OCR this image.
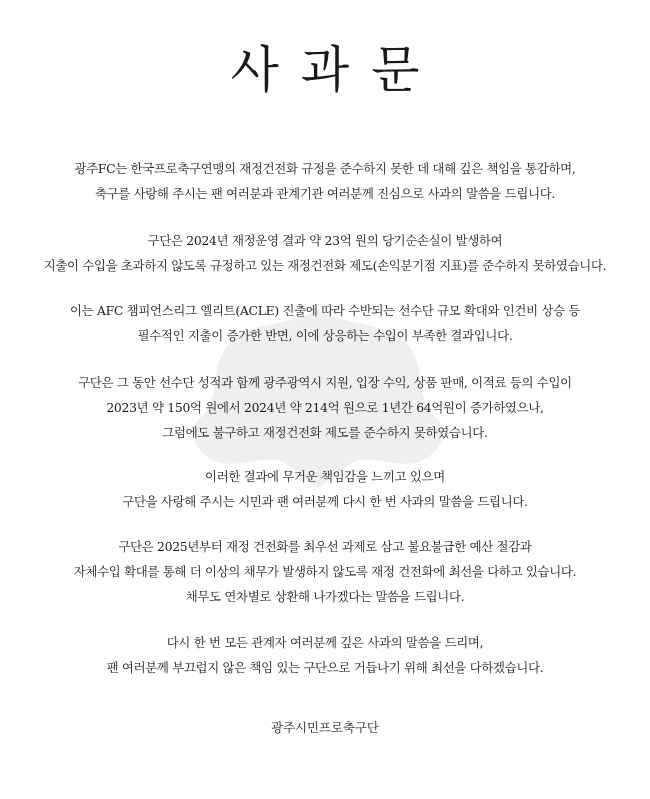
사과문
광주FC는 한국프로축구연맹의 재정건전화 규정을 준수하지 못한 데 대해 깊은 책임을 통감하며,
축구를 사랑해 주시는 팬 여러분과 관계기관 여러분께 진심으로 사과의 말씀을 드립니다.
구단은 2024년 재정운영 결과 약 23억 원의 당기순손실이 발생하여
지출이 수입을 초과하지 않도록 규정하고 있는 재정건전화 제도(손익분기점 지표)를 준수하지 못하였습니다.
이는 AFC 챔피언스리그 엘리트(ACLE) 진출에 따라 수반되는 선수단 규모 확대와 인건비 상승 등
필수적인 지출이 증가한 반면, 이에 상응하는 수입이 부족한 결과입니다.
구단은 그 동안 선수단 성적과 함께 광주광역시 지원, 입장 수익, 상품 판매, 이적료 등의 수입이
2023년 약 150억 원에서 2024년 약 214억 원으로 1년간 64억원이 증가하였으나,
그럼에도 불구하고 재정건전화 제도를 준수하지 못하였습니다.
이러한 결과에 무거운 책임감을 느끼고 있으며
구단을 사랑해 주시는 시민과 팬 여러분께 다시 한 번 사과의 말씀을 드립니다.
구단은 2025년부터 재정 건전화를 최우선 과제로 삼고 불요불급한 예산 절감과
자체수입 확대를 통해 더 이상의 채무가 발생하지 않도록 재정 건전화에 최선을 다하고 있습니다.
채무도 연차별로 상환해 나가겠다는 말씀을 드립니다.
다시 한 번 모든 관계자 여러분께 깊은 사과의 말씀을 드리며,
팬 여러분께 부끄럽지 않은 책임 있는 구단으로 거듭나기 위해 최선을 다하겠습니다.
광주시민프로축구단
